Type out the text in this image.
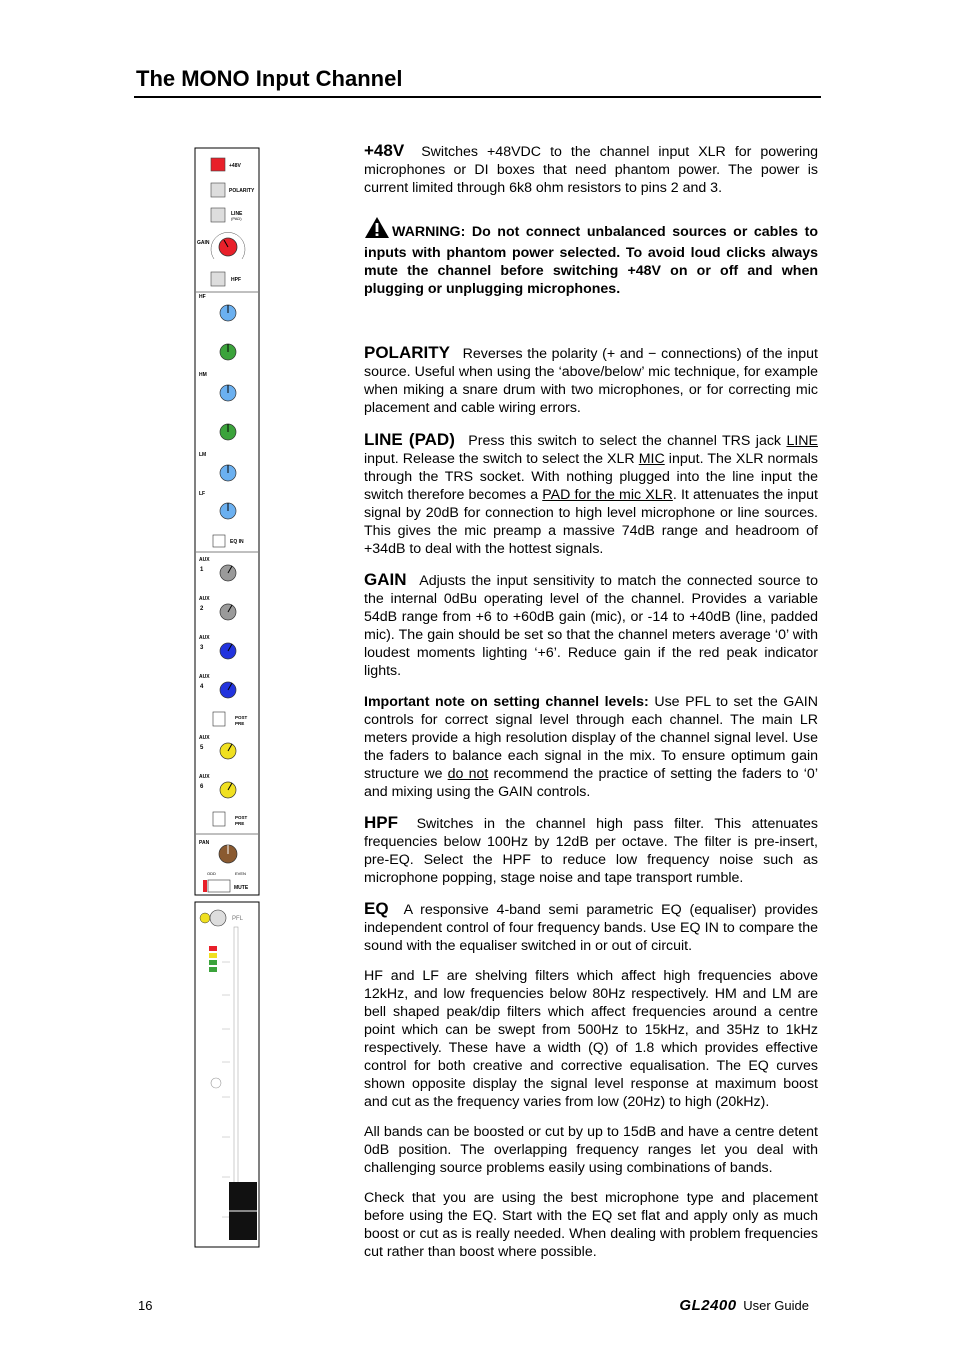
The MONO Input Channel
+48V
POLARITY
LINE
(PAD)
GAIN
HPF
HF
HM
LM
LF
EQ IN
AUX
1
AUX
2
AUX
3
AUX
4
POST
PRE
AUX
5
AUX
6
POST
PRE
PAN
ODD	EVEN
MUTE
PFL

+48V Switches +48VDC to the channel input XLR for powering microphones or DI boxes that need phantom power. The power is current limited through 6k8 ohm resistors to pins 2 and 3.

WARNING: Do not connect unbalanced sources or cables to inputs with phantom power selected. To avoid loud clicks always mute the channel before switching +48V on or off and when plugging or unplugging microphones.

POLARITY Reverses the polarity (+ and − connections) of the input source. Useful when using the ‘above/below’ mic technique, for example when miking a snare drum with two microphones, or for correcting mic placement and cable wiring errors.

LINE (PAD) Press this switch to select the channel TRS jack LINE input. Release the switch to select the XLR MIC input. The XLR normals through the TRS socket. With nothing plugged into the line input the switch therefore becomes a PAD for the mic XLR. It attenuates the input signal by 20dB for connection to high level microphone or line sources. This gives the mic preamp a massive 74dB range and headroom of +34dB to deal with the hottest signals.

GAIN Adjusts the input sensitivity to match the connected source to the internal 0dBu operating level of the channel. Provides a variable 54dB range from +6 to +60dB gain (mic), or -14 to +40dB (line, padded mic). The gain should be set so that the channel meters average ‘0’ with loudest moments lighting ‘+6’. Reduce gain if the red peak indicator lights.

Important note on setting channel levels: Use PFL to set the GAIN controls for correct signal level through each channel. The main LR meters provide a high resolution display of the channel signal level. Use the faders to balance each signal in the mix. To ensure optimum gain structure we do not recommend the practice of setting the faders to ‘0’ and mixing using the GAIN controls.

HPF Switches in the channel high pass filter. This attenuates frequencies below 100Hz by 12dB per octave. The filter is pre-insert, pre-EQ. Select the HPF to reduce low frequency noise such as microphone popping, stage noise and tape transport rumble.

EQ A responsive 4-band semi parametric EQ (equaliser) provides independent control of four frequency bands. Use EQ IN to compare the sound with the equaliser switched in or out of circuit.

HF and LF are shelving filters which affect high frequencies above 12kHz, and low frequencies below 80Hz respectively. HM and LM are bell shaped peak/dip filters which affect frequencies around a centre point which can be swept from 500Hz to 15kHz, and 35Hz to 1kHz respectively. These have a width (Q) of 1.8 which provides effective control for both creative and corrective equalisation. The EQ curves shown opposite display the signal level response at maximum boost and cut as the frequency varies from low (20Hz) to high (20kHz).

All bands can be boosted or cut by up to 15dB and have a centre detent 0dB position. The overlapping frequency ranges let you deal with challenging source problems easily using combinations of bands.

Check that you are using the best microphone type and placement before using the EQ. Start with the EQ set flat and apply only as much boost or cut as is really needed. When dealing with problem frequencies cut rather than boost where possible.

16	GL2400 User Guide
